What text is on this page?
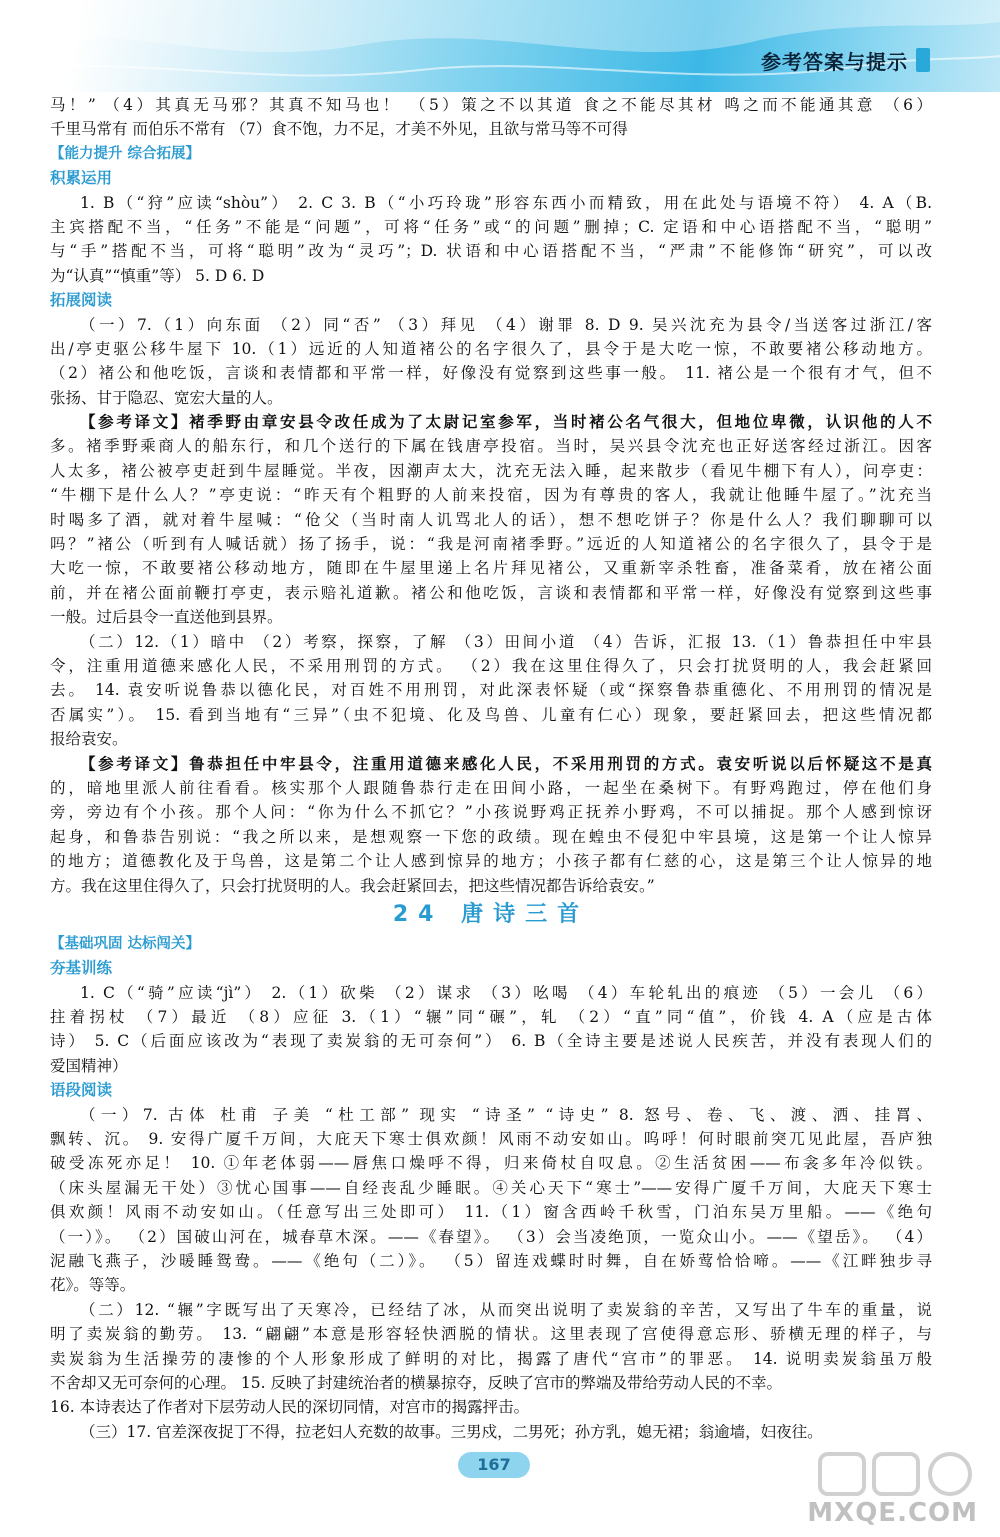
参考答案与提示
马！” （4）其真无马邪？其真不知马也！ （5）策之不以其道 食之不能尽其材 鸣之而不能通其意 （6）
千里马常有 而伯乐不常有 （7）食不饱，力不足，才美不外见，且欲与常马等不可得
【能力提升 综合拓展】
积累运用
1. B（“狩”应读“shòu”） 2. C 3. B（“小巧玲珑”形容东西小而精致，用在此处与语境不符） 4. A（B.
主宾搭配不当，“任务”不能是“问题”，可将“任务”或“的问题”删掉；C. 定语和中心语搭配不当，“聪明”
与“手”搭配不当，可将“聪明”改为“灵巧”；D. 状语和中心语搭配不当，“严肃”不能修饰“研究”，可以改
为“认真”“慎重”等） 5. D 6. D
拓展阅读
（一）7.（1）向东面 （2）同“否” （3）拜见 （4）谢罪 8. D 9. 吴兴沈充为县令/当送客过浙江/客
出/亭吏驱公移牛屋下 10.（1）远近的人知道褚公的名字很久了，县令于是大吃一惊，不敢要褚公移动地方。
（2）褚公和他吃饭，言谈和表情都和平常一样，好像没有觉察到这些事一般。 11. 褚公是一个很有才气，但不
张扬、甘于隐忍、宽宏大量的人。
【参考译文】褚季野由章安县令改任成为了太尉记室参军，当时褚公名气很大，但地位卑微，认识他的人不
多。褚季野乘商人的船东行，和几个送行的下属在钱唐亭投宿。当时，吴兴县令沈充也正好送客经过浙江。因客
人太多，褚公被亭吏赶到牛屋睡觉。半夜，因潮声太大，沈充无法入睡，起来散步（看见牛棚下有人），问亭吏：
“牛棚下是什么人？”亭吏说：“昨天有个粗野的人前来投宿，因为有尊贵的客人，我就让他睡牛屋了。”沈充当
时喝多了酒，就对着牛屋喊：“伧父（当时南人讥骂北人的话），想不想吃饼子？你是什么人？我们聊聊可以
吗？”褚公（听到有人喊话就）扬了扬手，说：“我是河南褚季野。”远近的人知道褚公的名字很久了，县令于是
大吃一惊，不敢要褚公移动地方，随即在牛屋里递上名片拜见褚公，又重新宰杀牲畜，准备菜肴，放在褚公面
前，并在褚公面前鞭打亭吏，表示赔礼道歉。褚公和他吃饭，言谈和表情都和平常一样，好像没有觉察到这些事
一般。过后县令一直送他到县界。
（二）12.（1）暗中 （2）考察，探察，了解 （3）田间小道 （4）告诉，汇报 13.（1）鲁恭担任中牢县
令，注重用道德来感化人民，不采用刑罚的方式。 （2）我在这里住得久了，只会打扰贤明的人，我会赶紧回
去。 14. 袁安听说鲁恭以德化民，对百姓不用刑罚，对此深表怀疑（或“探察鲁恭重德化、不用刑罚的情况是
否属实”）。 15. 看到当地有“三异”（虫不犯境、化及鸟兽、儿童有仁心）现象，要赶紧回去，把这些情况都
报给袁安。
【参考译文】鲁恭担任中牢县令，注重用道德来感化人民，不采用刑罚的方式。袁安听说以后怀疑这不是真
的，暗地里派人前往看看。核实那个人跟随鲁恭行走在田间小路，一起坐在桑树下。有野鸡跑过，停在他们身
旁，旁边有个小孩。那个人问：“你为什么不抓它？”小孩说野鸡正抚养小野鸡，不可以捕捉。那个人感到惊讶
起身，和鲁恭告别说：“我之所以来，是想观察一下您的政绩。现在蝗虫不侵犯中牢县境，这是第一个让人惊异
的地方；道德教化及于鸟兽，这是第二个让人感到惊异的地方；小孩子都有仁慈的心，这是第三个让人惊异的地
方。我在这里住得久了，只会打扰贤明的人。我会赶紧回去，把这些情况都告诉给袁安。”
24 唐诗三首
【基础巩固 达标闯关】
夯基训练
1. C（“骑”应读“jì”） 2.（1）砍柴 （2）谋求 （3）吆喝 （4）车轮轧出的痕迹 （5）一会儿 （6）
拄着拐杖 （7）最近 （8）应征 3.（1）“辗”同“碾”，轧 （2）“直”同“值”，价钱 4. A（应是古体
诗） 5. C（后面应该改为“表现了卖炭翁的无可奈何”） 6. B（全诗主要是述说人民疾苦，并没有表现人们的
爱国精神）
语段阅读
（一）7. 古体 杜甫 子美 “杜工部” 现实 “诗圣” “诗史” 8. 怒号、卷、飞、渡、洒、挂罥、
飘转、沉。 9. 安得广厦千万间，大庇天下寒士俱欢颜！风雨不动安如山。呜呼！何时眼前突兀见此屋，吾庐独
破受冻死亦足！ 10. ①年老体弱——唇焦口燥呼不得，归来倚杖自叹息。②生活贫困——布衾多年冷似铁。
（床头屋漏无干处）③忧心国事——自经丧乱少睡眠。④关心天下“寒士”——安得广厦千万间，大庇天下寒士
俱欢颜！风雨不动安如山。（任意写出三处即可） 11.（1）窗含西岭千秋雪，门泊东吴万里船。——《绝句
（一）》。 （2）国破山河在，城春草木深。——《春望》。 （3）会当凌绝顶，一览众山小。——《望岳》。 （4）
泥融飞燕子，沙暖睡鸳鸯。——《绝句（二）》。 （5）留连戏蝶时时舞，自在娇莺恰恰啼。——《江畔独步寻
花》。等等。
（二）12. “辗”字既写出了天寒冷，已经结了冰，从而突出说明了卖炭翁的辛苦，又写出了牛车的重量，说
明了卖炭翁的勤劳。 13. “翩翩”本意是形容轻快洒脱的情状。这里表现了宫使得意忘形、骄横无理的样子，与
卖炭翁为生活操劳的凄惨的个人形象形成了鲜明的对比，揭露了唐代“宫市”的罪恶。 14. 说明卖炭翁虽万般
不舍却又无可奈何的心理。 15. 反映了封建统治者的横暴掠夺，反映了宫市的弊端及带给劳动人民的不幸。
16. 本诗表达了作者对下层劳动人民的深切同情，对宫市的揭露抨击。
（三）17. 官差深夜捉丁不得，拉老妇人充数的故事。三男戍，二男死；孙方乳，媳无裙；翁逾墙，妇夜往。
167
MXQE.COM
